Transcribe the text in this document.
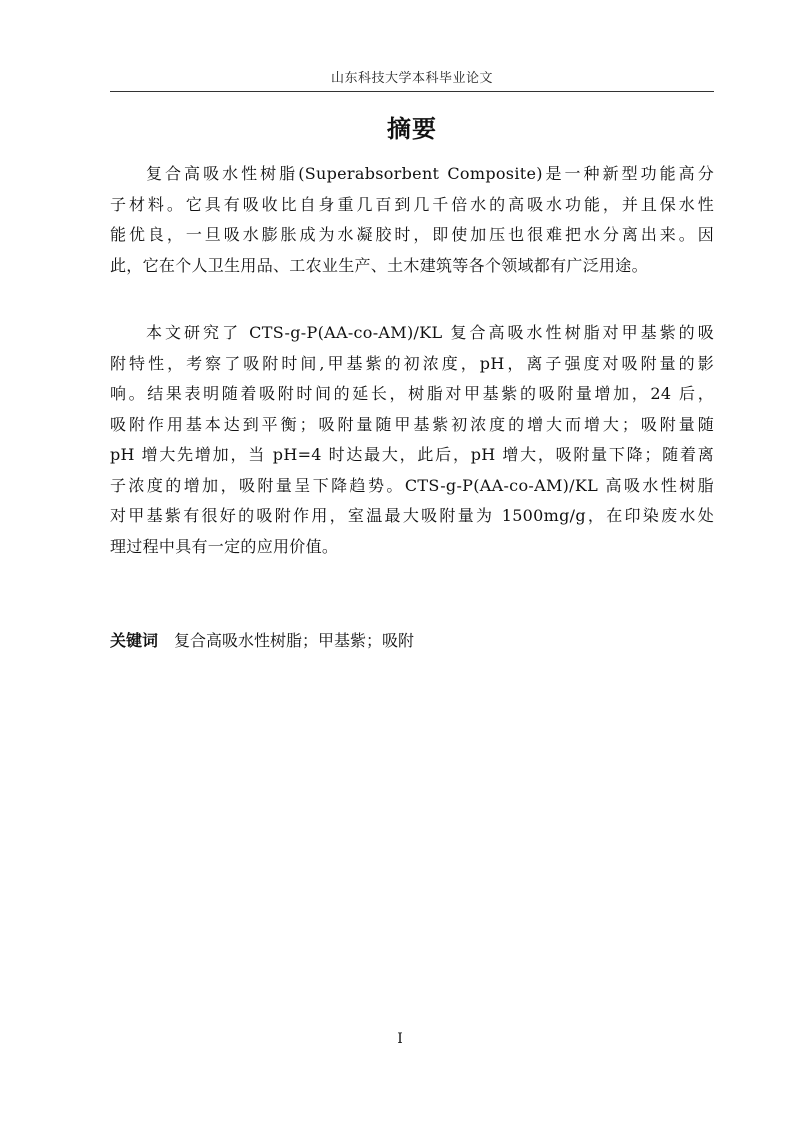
山东科技大学本科毕业论文
摘要

复合高吸水性树脂(Superabsorbent Composite)是一种新型功能高分
子材料。它具有吸收比自身重几百到几千倍水的高吸水功能，并且保水性
能优良，一旦吸水膨胀成为水凝胶时，即使加压也很难把水分离出来。因
此，它在个人卫生用品、工农业生产、土木建筑等各个领域都有广泛用途。

本文研究了 CTS-g-P(AA-co-AM)/KL 复合高吸水性树脂对甲基紫的吸
附特性，考察了吸附时间,甲基紫的初浓度，pH，离子强度对吸附量的影
响。结果表明随着吸附时间的延长，树脂对甲基紫的吸附量增加，24 后，
吸附作用基本达到平衡；吸附量随甲基紫初浓度的增大而增大；吸附量随
pH 增大先增加，当 pH=4 时达最大，此后，pH 增大，吸附量下降；随着离
子浓度的增加，吸附量呈下降趋势。CTS-g-P(AA-co-AM)/KL 高吸水性树脂
对甲基紫有很好的吸附作用，室温最大吸附量为 1500mg/g，在印染废水处
理过程中具有一定的应用价值。

关键词 复合高吸水性树脂；甲基紫；吸附
I
